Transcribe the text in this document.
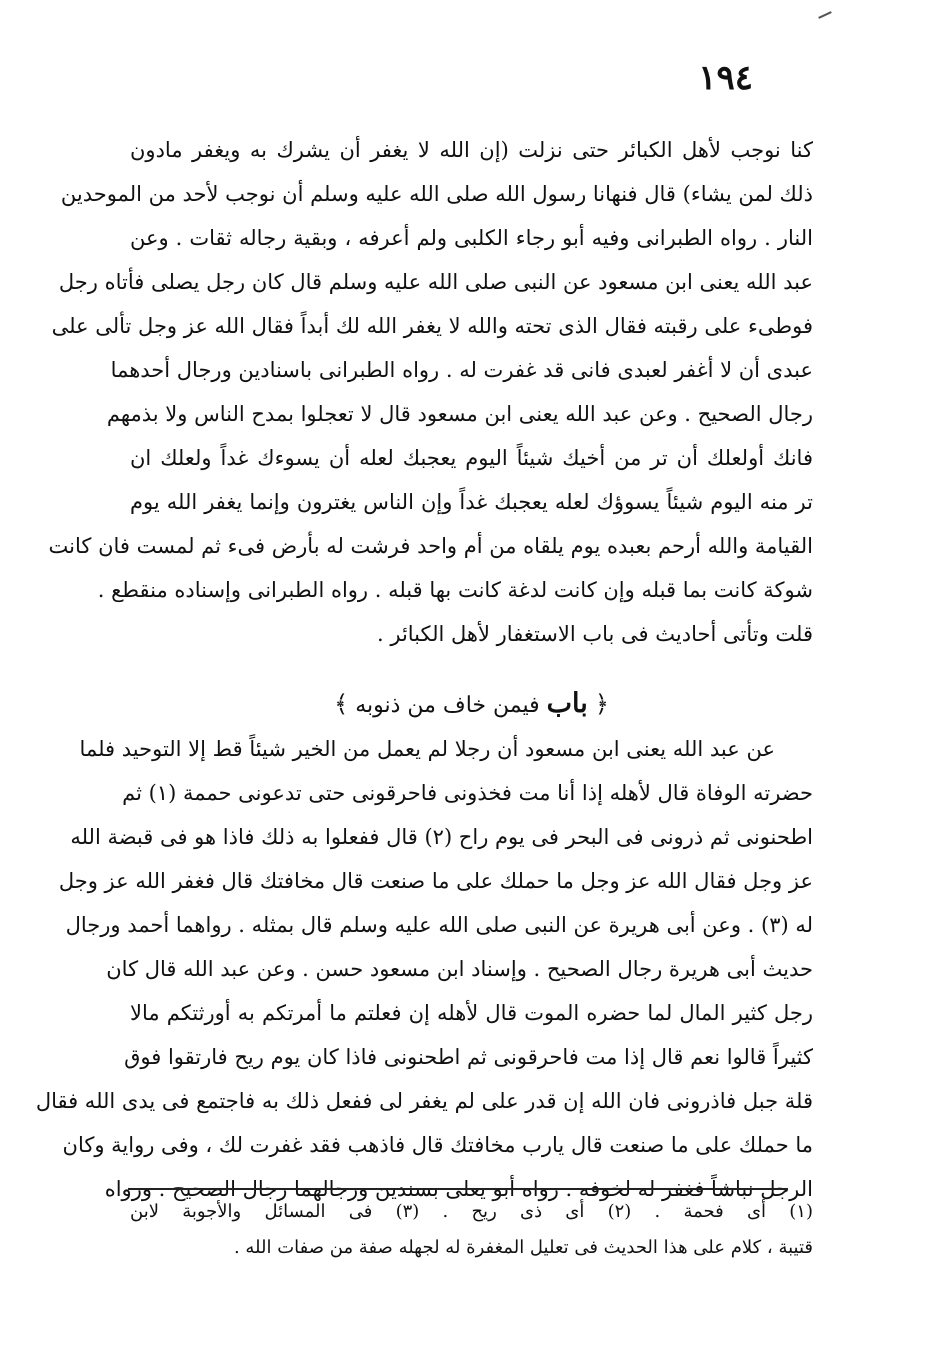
١٩٤
كنا نوجب لأهل الكبائر حتى نزلت (إن الله لا يغفر أن يشرك به ويغفر مادون
ذلك لمن يشاء) قال فنهانا رسول الله صلى الله عليه وسلم أن نوجب لأحد من الموحدين
النار . رواه الطبرانى وفيه أبو رجاء الكلبى ولم أعرفه ، وبقية رجاله ثقات . وعن
عبد الله يعنى ابن مسعود عن النبى صلى الله عليه وسلم قال كان رجل يصلى فأتاه رجل
فوطىء على رقبته فقال الذى تحته والله لا يغفر الله لك أبداً فقال الله عز وجل تألى على
عبدى أن لا أغفر لعبدى فانى قد غفرت له . رواه الطبرانى باسنادين ورجال أحدهما
رجال الصحيح . وعن عبد الله يعنى ابن مسعود قال لا تعجلوا بمدح الناس ولا بذمهم
فانك أولعلك أن تر من أخيك شيئاً اليوم يعجبك لعله أن يسوءك غداً ولعلك ان
تر منه اليوم شيئاً يسوؤك لعله يعجبك غداً وإن الناس يغترون وإنما يغفر الله يوم
القيامة والله أرحم بعبده يوم يلقاه من أم واحد فرشت له بأرض فىء ثم لمست فان كانت
شوكة كانت بما قبله وإن كانت لدغة كانت بها قبله . رواه الطبرانى وإسناده منقطع .
قلت وتأتى أحاديث فى باب الاستغفار لأهل الكبائر .
﴿ باب فيمن خاف من ذنوبه ﴾
عن عبد الله يعنى ابن مسعود أن رجلا لم يعمل من الخير شيئاً قط إلا التوحيد فلما
حضرته الوفاة قال لأهله إذا أنا مت فخذونى فاحرقونى حتى تدعونى حممة (١) ثم
اطحنونى ثم ذرونى فى البحر فى يوم راح (٢) قال ففعلوا به ذلك فاذا هو فى قبضة الله
عز وجل فقال الله عز وجل ما حملك على ما صنعت قال مخافتك قال فغفر الله عز وجل
له (٣) . وعن أبى هريرة عن النبى صلى الله عليه وسلم قال بمثله . رواهما أحمد ورجال
حديث أبى هريرة رجال الصحيح . وإسناد ابن مسعود حسن . وعن عبد الله قال كان
رجل كثير المال لما حضره الموت قال لأهله إن فعلتم ما أمرتكم به أورثتكم مالا
كثيراً قالوا نعم قال إذا مت فاحرقونى ثم اطحنونى فاذا كان يوم ريح فارتقوا فوق
قلة جبل فاذرونى فان الله إن قدر على لم يغفر لى ففعل ذلك به فاجتمع فى يدى الله فقال
ما حملك على ما صنعت قال يارب مخافتك قال فاذهب فقد غفرت لك ، وفى رواية وكان
الرجل نباشاً فغفر له لخوفه . رواه أبو يعلى بسندين ورجالهما رجال الصحيح . ورواه
(١) أى فحمة . (٢) أى ذى ريح . (٣) فى المسائل والأجوبة لابن
قتيبة ، كلام على هذا الحديث فى تعليل المغفرة له لجهله صفة من صفات الله .
